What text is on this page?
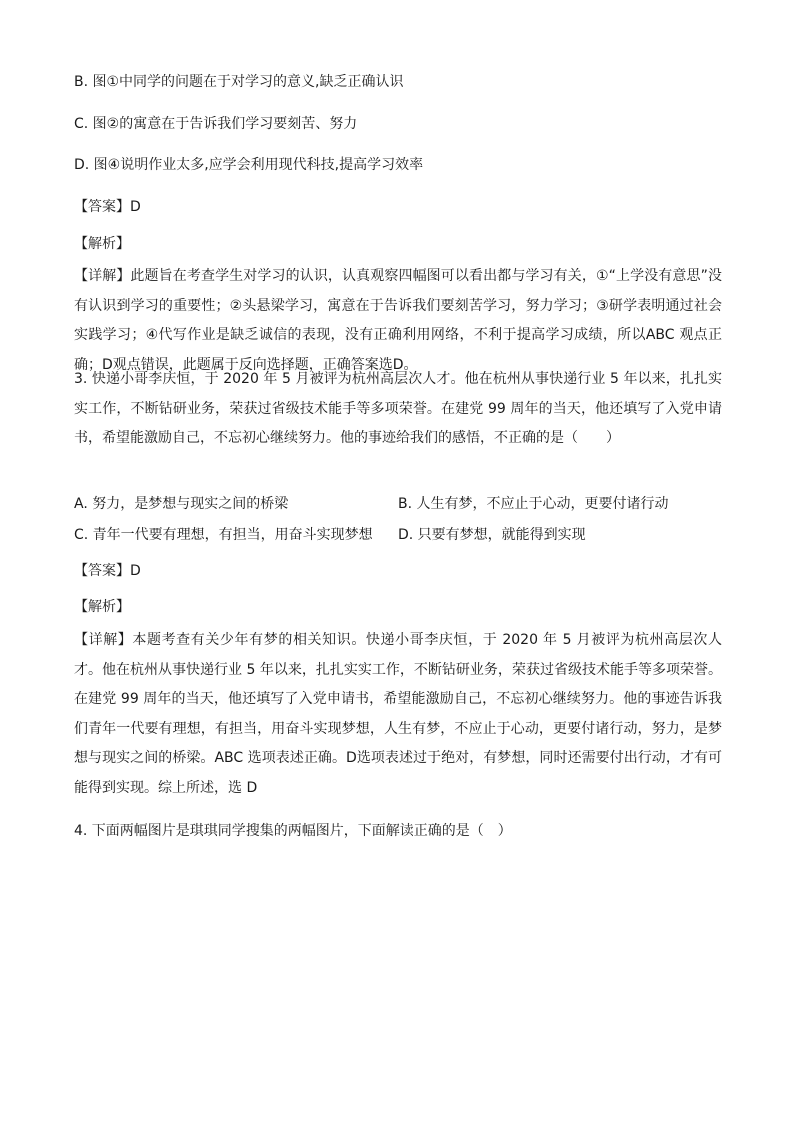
B. 图①中同学的问题在于对学习的意义,缺乏正确认识
C. 图②的寓意在于告诉我们学习要刻苦、努力
D. 图④说明作业太多,应学会利用现代科技,提高学习效率
【答案】D
【解析】
【详解】此题旨在考查学生对学习的认识，认真观察四幅图可以看出都与学习有关，①“上学没有意思”没有认识到学习的重要性；②头悬梁学习，寓意在于告诉我们要刻苦学习，努力学习；③研学表明通过社会实践学习；④代写作业是缺乏诚信的表现，没有正确利用网络，不利于提高学习成绩，所以ABC 观点正确；D观点错误，此题属于反向选择题，正确答案选D。
3. 快递小哥李庆恒，于 2020 年 5 月被评为杭州高层次人才。他在杭州从事快递行业 5 年以来，扎扎实实工作，不断钻研业务，荣获过省级技术能手等多项荣誉。在建党 99 周年的当天，他还填写了入党申请书，希望能激励自己，不忘初心继续努力。他的事迹给我们的感悟，不正确的是（　　）
A. 努力，是梦想与现实之间的桥梁	B. 人生有梦，不应止于心动，更要付诸行动
C. 青年一代要有理想，有担当，用奋斗实现梦想 D. 只要有梦想，就能得到实现
【答案】D
【解析】
【详解】本题考查有关少年有梦的相关知识。快递小哥李庆恒，于 2020 年 5 月被评为杭州高层次人才。他在杭州从事快递行业 5 年以来，扎扎实实工作，不断钻研业务，荣获过省级技术能手等多项荣誉。在建党 99 周年的当天，他还填写了入党申请书，希望能激励自己，不忘初心继续努力。他的事迹告诉我们青年一代要有理想，有担当，用奋斗实现梦想，人生有梦，不应止于心动，更要付诸行动，努力，是梦想与现实之间的桥梁。ABC 选项表述正确。D选项表述过于绝对，有梦想，同时还需要付出行动，才有可能得到实现。综上所述，选 D
4. 下面两幅图片是琪琪同学搜集的两幅图片，下面解读正确的是（　）
